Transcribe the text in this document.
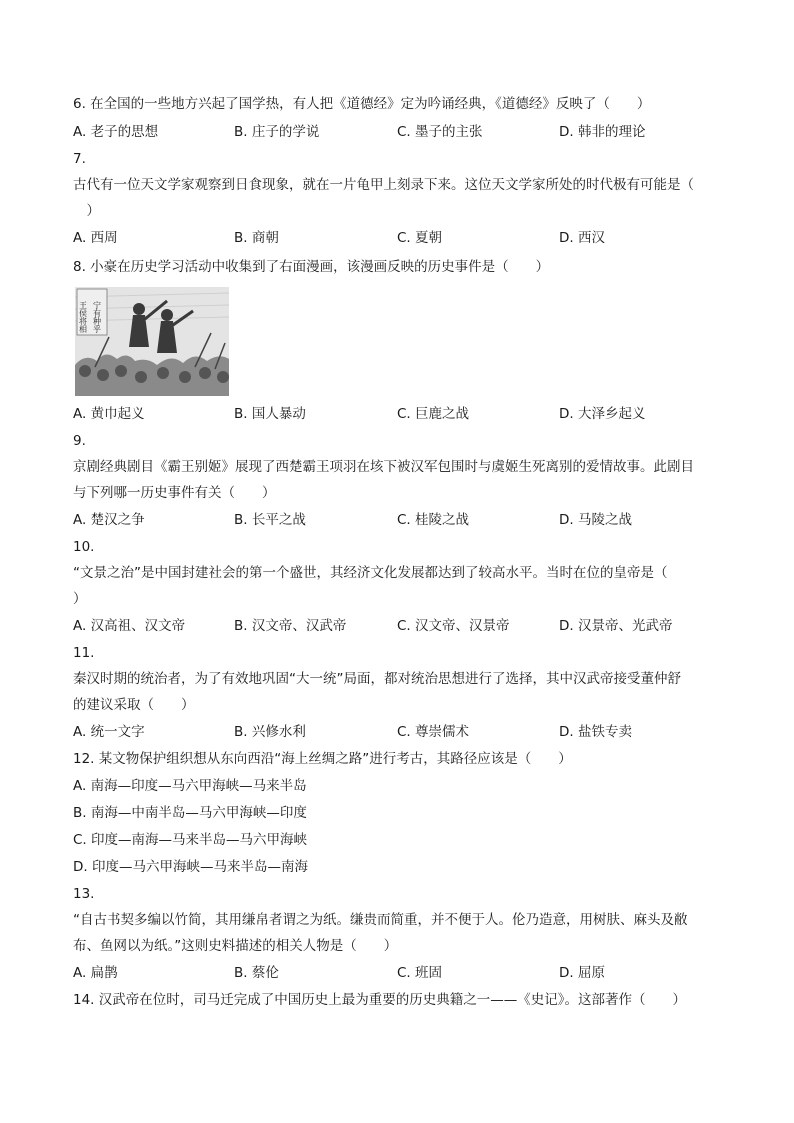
6. 在全国的一些地方兴起了国学热，有人把《道德经》定为吟诵经典，《道德经》反映了（　　）
A. 老子的思想	B. 庄子的学说	C. 墨子的主张	D. 韩非的理论
7.
古代有一位天文学家观察到日食现象，就在一片龟甲上刻录下来。这位天文学家所处的时代极有可能是（
　）
A. 西周	B. 商朝	C. 夏朝	D. 西汉
8. 小豪在历史学习活动中收集到了右面漫画，该漫画反映的历史事件是（　　）
王侯将相 宁有种乎
A. 黄巾起义	B. 国人暴动	C. 巨鹿之战	D. 大泽乡起义
9.
京剧经典剧目《霸王别姬》展现了西楚霸王项羽在垓下被汉军包围时与虞姬生死离别的爱情故事。此剧目
与下列哪一历史事件有关（　　）
A. 楚汉之争	B. 长平之战	C. 桂陵之战	D. 马陵之战
10.
“文景之治”是中国封建社会的第一个盛世，其经济文化发展都达到了较高水平。当时在位的皇帝是（
）
A. 汉高祖、汉文帝	B. 汉文帝、汉武帝	C. 汉文帝、汉景帝	D. 汉景帝、光武帝
11.
秦汉时期的统治者，为了有效地巩固“大一统”局面，都对统治思想进行了选择，其中汉武帝接受董仲舒
的建议采取（　　）
A. 统一文字	B. 兴修水利	C. 尊崇儒术	D. 盐铁专卖
12. 某文物保护组织想从东向西沿“海上丝绸之路”进行考古，其路径应该是（　　）
A. 南海—印度—马六甲海峡—马来半岛
B. 南海—中南半岛—马六甲海峡—印度
C. 印度—南海—马来半岛—马六甲海峡
D. 印度—马六甲海峡—马来半岛—南海
13.
“自古书契多编以竹简，其用缣帛者谓之为纸。缣贵而简重，并不便于人。伦乃造意，用树肤、麻头及敝
布、鱼网以为纸。”这则史料描述的相关人物是（　　）
A. 扁鹊	B. 蔡伦	C. 班固	D. 屈原
14. 汉武帝在位时，司马迁完成了中国历史上最为重要的历史典籍之一——《史记》。这部著作（　　）
